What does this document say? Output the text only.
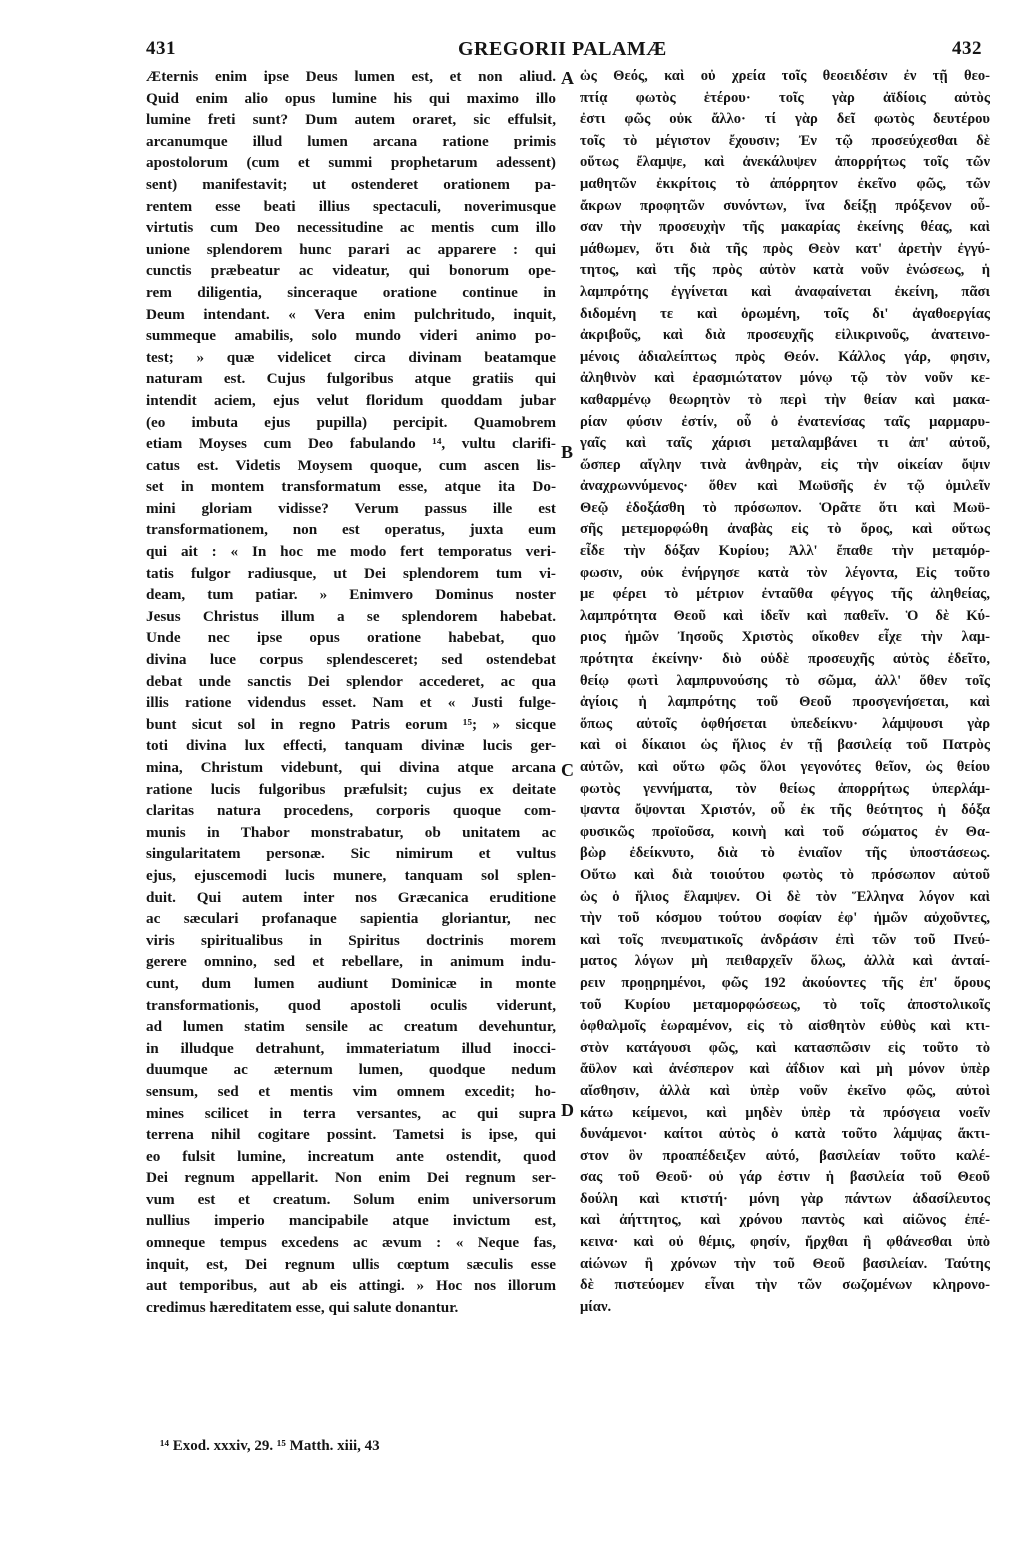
431	GREGORII PALAMÆ	432
A
B
C
D
Æternis enim ipse Deus lumen est, et non aliud.
Quid enim alio opus lumine his qui maximo illo
lumine freti sunt? Dum autem oraret, sic effulsit,
arcanumque illud lumen arcana ratione primis
apostolorum (cum et summi prophetarum adessent)
sent) manifestavit; ut ostenderet orationem pa-
rentem esse beati illius spectaculi, noverimusque
virtutis cum Deo necessitudine ac mentis cum illo
unione splendorem hunc parari ac apparere : qui
cunctis præbeatur ac videatur, qui bonorum ope-
rem diligentia, sinceraque oratione continue in
Deum intendant. « Vera enim pulchritudo, inquit,
summeque amabilis, solo mundo videri animo po-
test; » quæ videlicet circa divinam beatamque
naturam est. Cujus fulgoribus atque gratiis qui
intendit aciem, ejus velut floridum quoddam jubar
(eo imbuta ejus pupilla) percipit. Quamobrem
etiam Moyses cum Deo fabulando ¹⁴, vultu clarifi-
catus est. Videtis Moysem quoque, cum ascen lis-
set in montem transformatum esse, atque ita Do-
mini gloriam vidisse? Verum passus ille est
transformationem, non est operatus, juxta eum
qui ait : « In hoc me modo fert temporatus veri-
tatis fulgor radiusque, ut Dei splendorem tum vi-
deam, tum patiar. » Enimvero Dominus noster
Jesus Christus illum a se splendorem habebat.
Unde nec ipse opus oratione habebat, quo
divina luce corpus splendesceret; sed ostendebat
debat unde sanctis Dei splendor accederet, ac qua
illis ratione videndus esset. Nam et « Justi fulge-
bunt sicut sol in regno Patris eorum ¹⁵; » sicque
toti divina lux effecti, tanquam divinæ lucis ger-
mina, Christum videbunt, qui divina atque arcana
ratione lucis fulgoribus præfulsit; cujus ex deitate
claritas natura procedens, corporis quoque com-
munis in Thabor monstrabatur, ob unitatem ac
singularitatem personæ. Sic nimirum et vultus
ejus, ejuscemodi lucis munere, tanquam sol splen-
duit. Qui autem inter nos Græcanica eruditione
ac sæculari profanaque sapientia gloriantur, nec
viris spiritualibus in Spiritus doctrinis morem
gerere omnino, sed et rebellare, in animum indu-
cunt, dum lumen audiunt Dominicæ in monte
transformationis, quod apostoli oculis viderunt,
ad lumen statim sensile ac creatum devehuntur,
in illudque detrahunt, immateriatum illud inocci-
duumque ac æternum lumen, quodque nedum
sensum, sed et mentis vim omnem excedit; ho-
mines scilicet in terra versantes, ac qui supra
terrena nihil cogitare possint. Tametsi is ipse, qui
eo fulsit lumine, increatum ante ostendit, quod
Dei regnum appellarit. Non enim Dei regnum ser-
vum est et creatum. Solum enim universorum
nullius imperio mancipabile atque invictum est,
omneque tempus excedens ac ævum : « Neque fas,
inquit, est, Dei regnum ullis cœptum sæculis esse
aut temporibus, aut ab eis attingi. » Hoc nos illorum
credimus hæreditatem esse, qui salute donantur.
ὡς Θεός, καὶ οὐ χρεία τοῖς θεοειδέσιν ἐν τῇ θεο-
πτίᾳ φωτὸς ἑτέρου· τοῖς γὰρ ἀϊδίοις αὐτὸς
ἐστι φῶς οὐκ ἄλλο· τί γὰρ δεῖ φωτὸς δευτέρου
τοῖς τὸ μέγιστον ἔχουσιν; Ἐν τῷ προσεύχεσθαι δὲ
οὕτως ἔλαμψε, καὶ ἀνεκάλυψεν ἀπορρήτως τοῖς τῶν
μαθητῶν ἐκκρίτοις τὸ ἀπόρρητον ἐκεῖνο φῶς, τῶν
ἄκρων προφητῶν συνόντων, ἵνα δείξῃ πρόξενον οὖ-
σαν τὴν προσευχὴν τῆς μακαρίας ἐκείνης θέας, καὶ
μάθωμεν, ὅτι διὰ τῆς πρὸς Θεὸν κατ' ἀρετὴν ἐγγύ-
τητος, καὶ τῆς πρὸς αὐτὸν κατὰ νοῦν ἑνώσεως, ἡ
λαμπρότης ἐγγίνεται καὶ ἀναφαίνεται ἐκείνη, πᾶσι
διδομένη τε καὶ ὁρωμένη, τοῖς δι' ἀγαθοεργίας
ἀκριβοῦς, καὶ διὰ προσευχῆς εἰλικρινοῦς, ἀνατεινο-
μένοις ἀδιαλείπτως πρὸς Θεόν. Κάλλος γάρ, φησιν,
ἀληθινὸν καὶ ἐρασμιώτατον μόνῳ τῷ τὸν νοῦν κε-
καθαρμένῳ θεωρητὸν τὸ περὶ τὴν θείαν καὶ μακα-
ρίαν φύσιν ἐστίν, οὗ ὁ ἐνατενίσας ταῖς μαρμαρυ-
γαῖς καὶ ταῖς χάρισι μεταλαμβάνει τι ἀπ' αὐτοῦ,
ὥσπερ αἴγλην τινὰ ἀνθηρὰν, εἰς τὴν οἰκείαν ὄψιν
ἀναχρωννύμενος· ὅθεν καὶ Μωϋσῆς ἐν τῷ ὁμιλεῖν
Θεῷ ἐδοξάσθη τὸ πρόσωπον. Ὁρᾶτε ὅτι καὶ Μωϋ-
σῆς μετεμορφώθη ἀναβὰς εἰς τὸ ὄρος, καὶ οὕτως
εἶδε τὴν δόξαν Κυρίου; Ἀλλ' ἔπαθε τὴν μεταμόρ-
φωσιν, οὐκ ἐνήργησε κατὰ τὸν λέγοντα, Εἰς τοῦτο
με φέρει τὸ μέτριον ἐνταῦθα φέγγος τῆς ἀληθείας,
λαμπρότητα Θεοῦ καὶ ἰδεῖν καὶ παθεῖν. Ὁ δὲ Κύ-
ριος ἡμῶν Ἰησοῦς Χριστὸς οἴκοθεν εἶχε τὴν λαμ-
πρότητα ἐκείνην· διὸ οὐδὲ προσευχῆς αὐτὸς ἐδεῖτο,
θείῳ φωτὶ λαμπρυνούσης τὸ σῶμα, ἀλλ' ὅθεν τοῖς
ἁγίοις ἡ λαμπρότης τοῦ Θεοῦ προσγενήσεται, καὶ
ὅπως αὐτοῖς ὀφθήσεται ὑπεδείκνυ· λάμψουσι γὰρ
καὶ οἱ δίκαιοι ὡς ἥλιος ἐν τῇ βασιλείᾳ τοῦ Πατρὸς
αὐτῶν, καὶ οὕτω φῶς ὅλοι γεγονότες θεῖον, ὡς θείου
φωτὸς γεννήματα, τὸν θείως ἀπορρήτως ὑπερλάμ-
ψαντα ὄψονται Χριστόν, οὗ ἐκ τῆς θεότητος ἡ δόξα
φυσικῶς προϊοῦσα, κοινὴ καὶ τοῦ σώματος ἐν Θα-
βὼρ ἐδείκνυτο, διὰ τὸ ἑνιαῖον τῆς ὑποστάσεως.
Οὕτω καὶ διὰ τοιούτου φωτὸς τὸ πρόσωπον αὐτοῦ
ὡς ὁ ἥλιος ἔλαμψεν. Οἱ δὲ τὸν Ἕλληνα λόγον καὶ
τὴν τοῦ κόσμου τούτου σοφίαν ἐφ' ἡμῶν αὐχοῦντες,
καὶ τοῖς πνευματικοῖς ἀνδράσιν ἐπὶ τῶν τοῦ Πνεύ-
ματος λόγων μὴ πειθαρχεῖν ὅλως, ἀλλὰ καὶ ἀνταί-
ρειν προῃρημένοι, φῶς 192 ἀκούοντες τῆς ἐπ' ὄρους
τοῦ Κυρίου μεταμορφώσεως, τὸ τοῖς ἀποστολικοῖς
ὀφθαλμοῖς ἑωραμένον, εἰς τὸ αἰσθητὸν εὐθὺς καὶ κτι-
στὸν κατάγουσι φῶς, καὶ κατασπῶσιν εἰς τοῦτο τὸ
ἄϋλον καὶ ἀνέσπερον καὶ ἀΐδιον καὶ μὴ μόνον ὑπὲρ
αἴσθησιν, ἀλλὰ καὶ ὑπὲρ νοῦν ἐκεῖνο φῶς, αὐτοὶ
κάτω κείμενοι, καὶ μηδὲν ὑπὲρ τὰ πρόσγεια νοεῖν
δυνάμενοι· καίτοι αὐτὸς ὁ κατὰ τοῦτο λάμψας ἄκτι-
στον ὃν προαπέδειξεν αὐτό, βασιλείαν τοῦτο καλέ-
σας τοῦ Θεοῦ· οὐ γάρ ἐστιν ἡ βασιλεία τοῦ Θεοῦ
δούλη καὶ κτιστή· μόνη γὰρ πάντων ἀδασίλευτος
καὶ ἀήττητος, καὶ χρόνου παντὸς καὶ αἰῶνος ἐπέ-
κεινα· καὶ οὐ θέμις, φησίν, ἤρχθαι ἢ φθάνεσθαι ὑπὸ
αἰώνων ἢ χρόνων τὴν τοῦ Θεοῦ βασιλείαν. Ταύτης
δὲ πιστεύομεν εἶναι τὴν τῶν σωζομένων κληρονο-
μίαν.
¹⁴ Exod. xxxiv, 29. ¹⁵ Matth. xiii, 43
